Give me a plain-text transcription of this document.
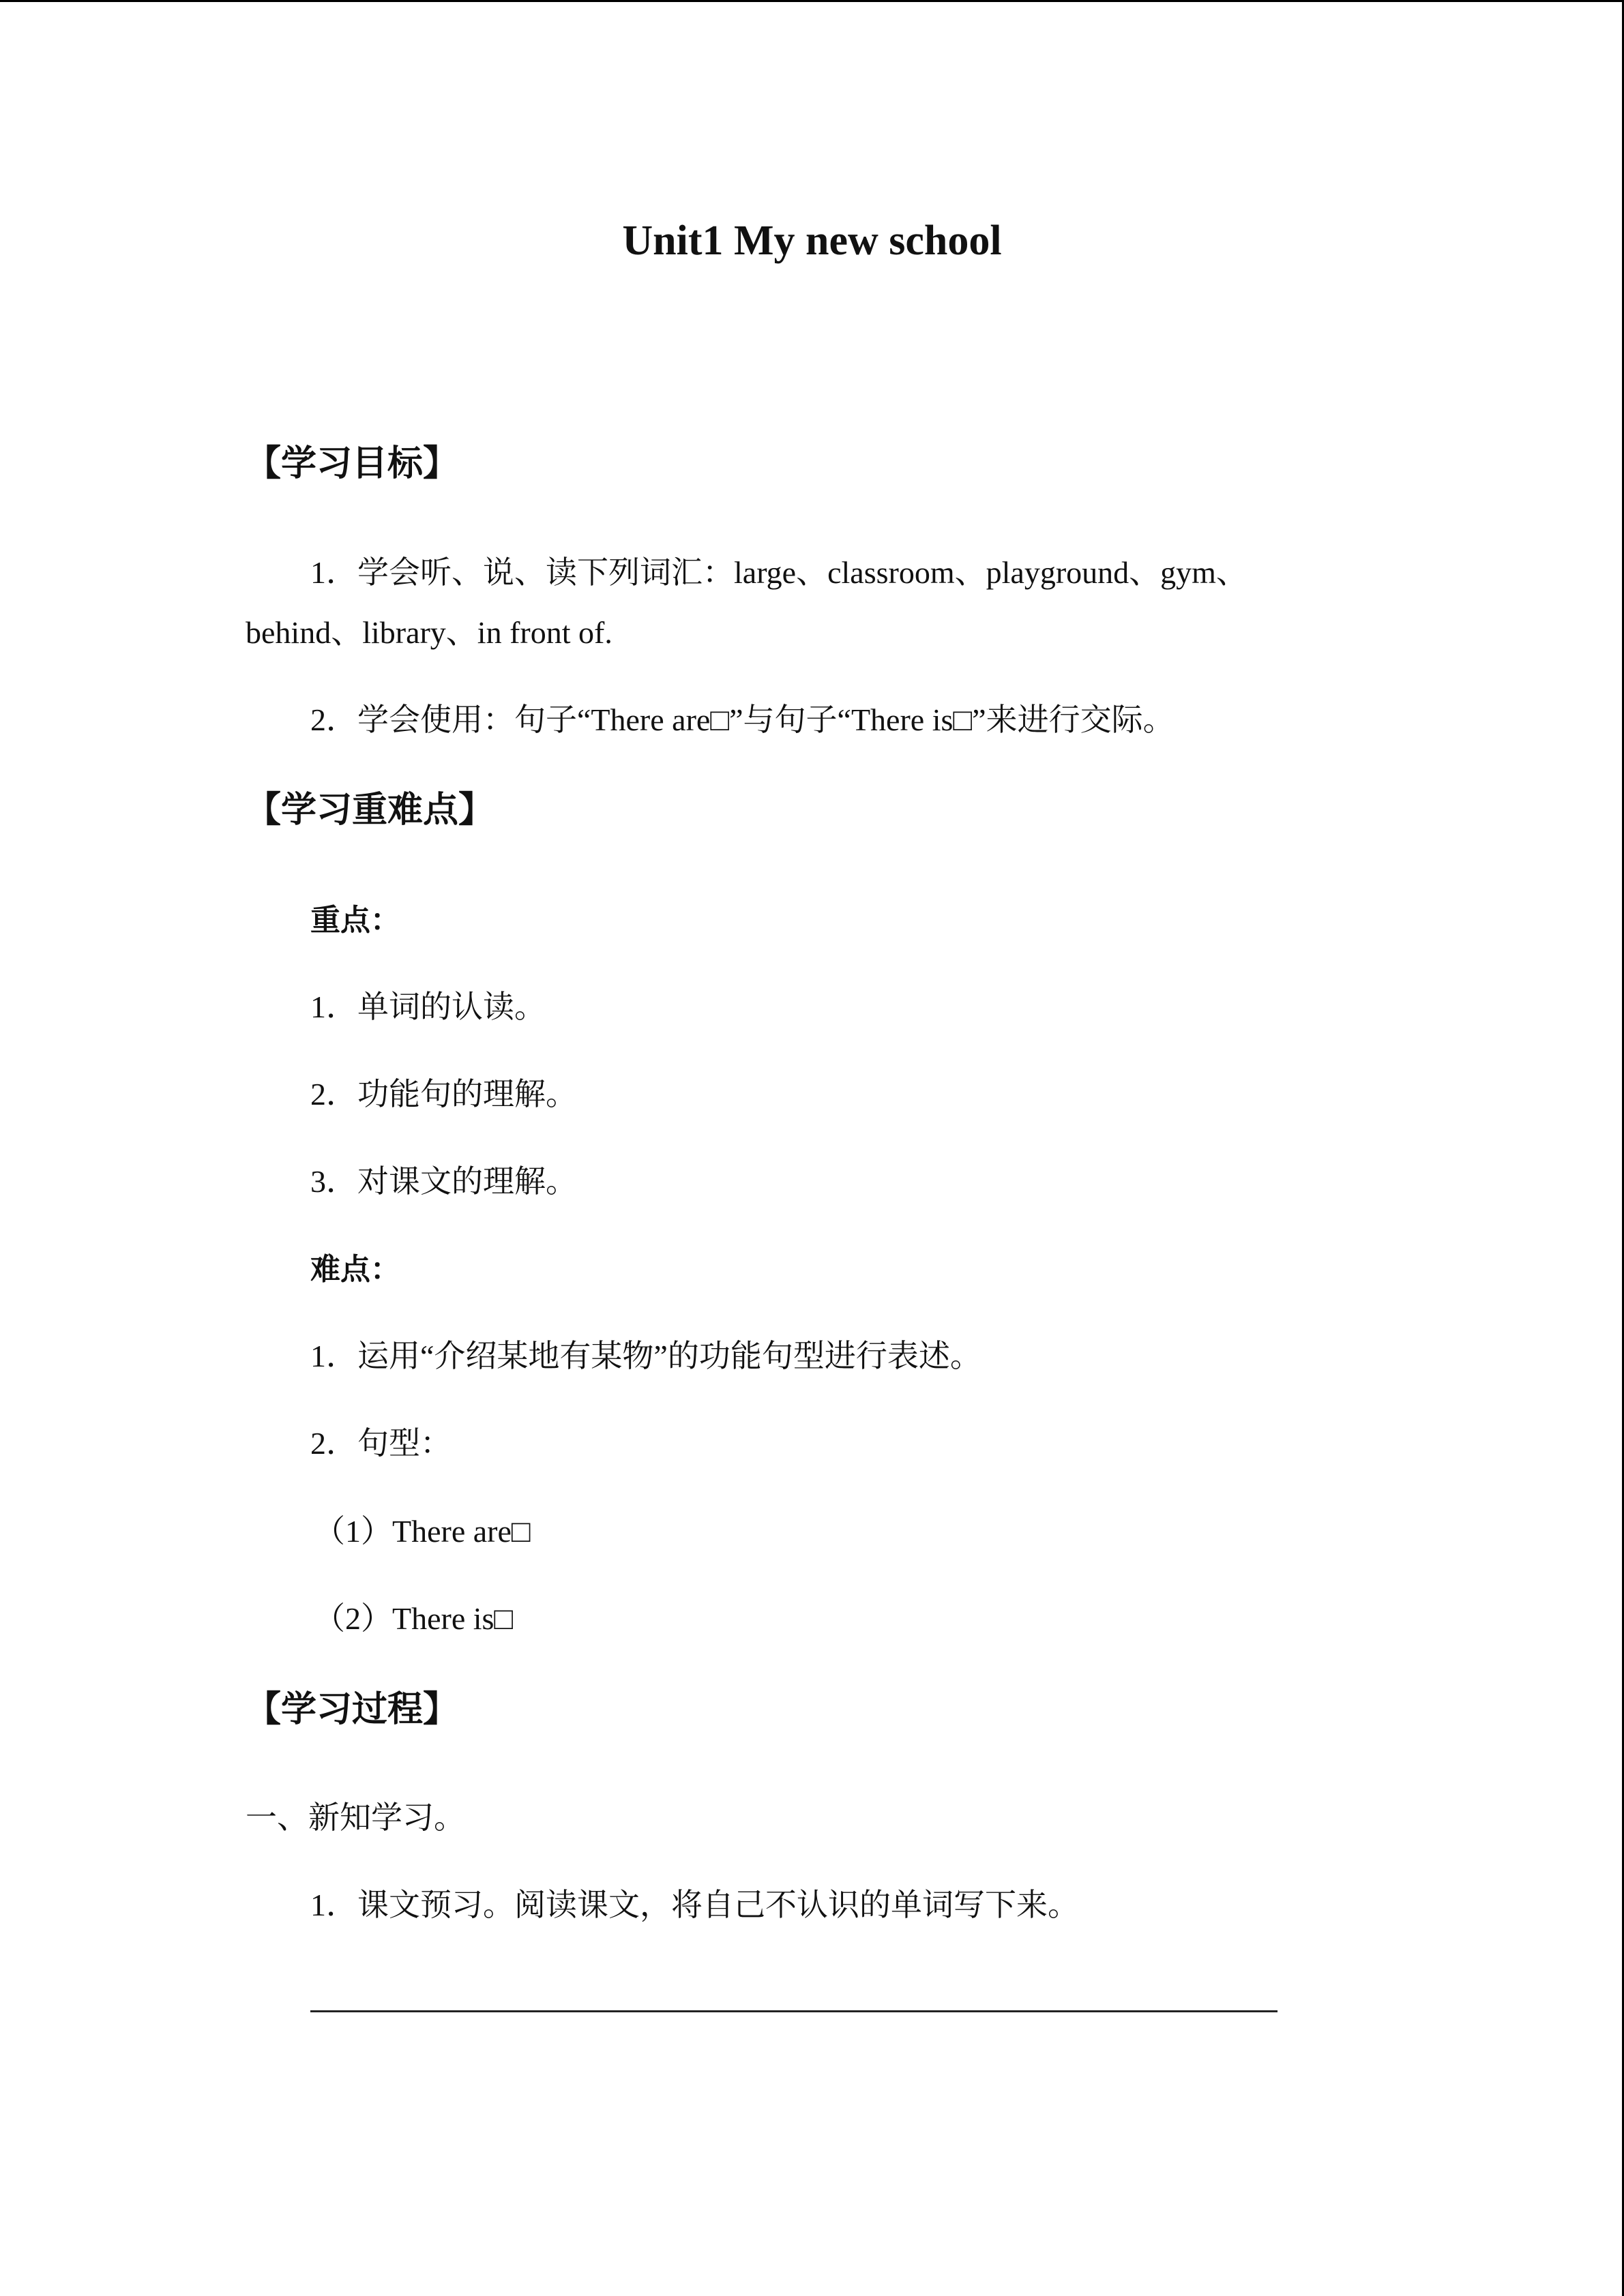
Unit1 My new school
【学习目标】
1．学会听、说、读下列词汇：large、classroom、playground、gym、
behind、library、in front of.
2．学会使用：句子“There are□”与句子“There is□”来进行交际。
【学习重难点】
重点：
1．单词的认读。
2．功能句的理解。
3．对课文的理解。
难点：
1．运用“介绍某地有某物”的功能句型进行表述。
2．句型：
（1）There are□
（2）There is□
【学习过程】
一、新知学习。
1．课文预习。阅读课文，将自己不认识的单词写下来。
